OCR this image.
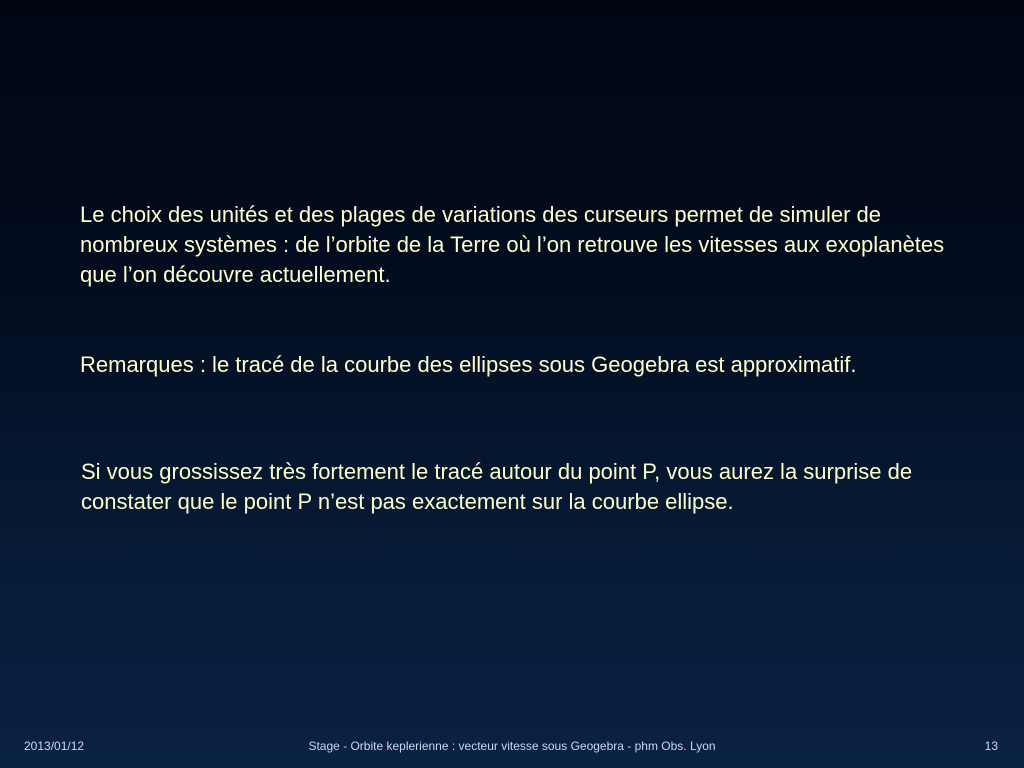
Le choix des unités et des plages de variations des curseurs permet de simuler de nombreux systèmes : de l’orbite de la Terre où l’on retrouve les vitesses aux exoplanètes que l’on découvre actuellement.

Remarques : le tracé de la courbe des ellipses sous Geogebra est approximatif.

Si vous grossissez très fortement le tracé autour du point P, vous aurez la surprise de constater que le point P n’est pas exactement sur la courbe ellipse.

2013/01/12	Stage - Orbite keplerienne : vecteur vitesse sous Geogebra - phm Obs. Lyon	13
